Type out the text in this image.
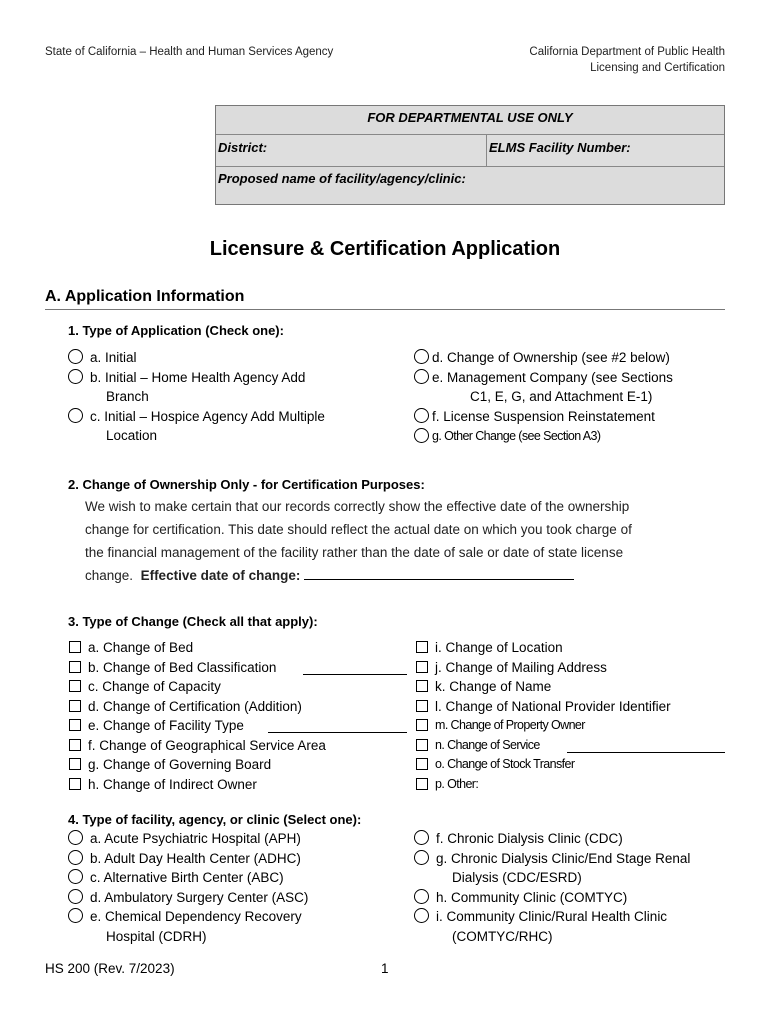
State of California – Health and Human Services Agency	California Department of Public Health
Licensing and Certification
FOR DEPARTMENTAL USE ONLY
District:	ELMS Facility Number:
Proposed name of facility/agency/clinic:
Licensure & Certification Application
A. Application Information
1. Type of Application (Check one):
a. Initial
b. Initial – Home Health Agency Add
Branch
c. Initial – Hospice Agency Add Multiple
Location
d. Change of Ownership (see #2 below)
e. Management Company (see Sections
C1, E, G, and Attachment E-1)
f. License Suspension Reinstatement
g. Other Change (see Section A3)
2. Change of Ownership Only - for Certification Purposes:
We wish to make certain that our records correctly show the effective date of the ownership
change for certification. This date should reflect the actual date on which you took charge of
the financial management of the facility rather than the date of sale or date of state license
change. Effective date of change:
3. Type of Change (Check all that apply):
a. Change of Bed
b. Change of Bed Classification
c. Change of Capacity
d. Change of Certification (Addition)
e. Change of Facility Type
f. Change of Geographical Service Area
g. Change of Governing Board
h. Change of Indirect Owner
i. Change of Location
j. Change of Mailing Address
k. Change of Name
l. Change of National Provider Identifier
m. Change of Property Owner
n. Change of Service
o. Change of Stock Transfer
p. Other:
4. Type of facility, agency, or clinic (Select one):
a. Acute Psychiatric Hospital (APH)
b. Adult Day Health Center (ADHC)
c. Alternative Birth Center (ABC)
d. Ambulatory Surgery Center (ASC)
e. Chemical Dependency Recovery
Hospital (CDRH)
f. Chronic Dialysis Clinic (CDC)
g. Chronic Dialysis Clinic/End Stage Renal
Dialysis (CDC/ESRD)
h. Community Clinic (COMTYC)
i. Community Clinic/Rural Health Clinic
(COMTYC/RHC)
HS 200 (Rev. 7/2023)	1
